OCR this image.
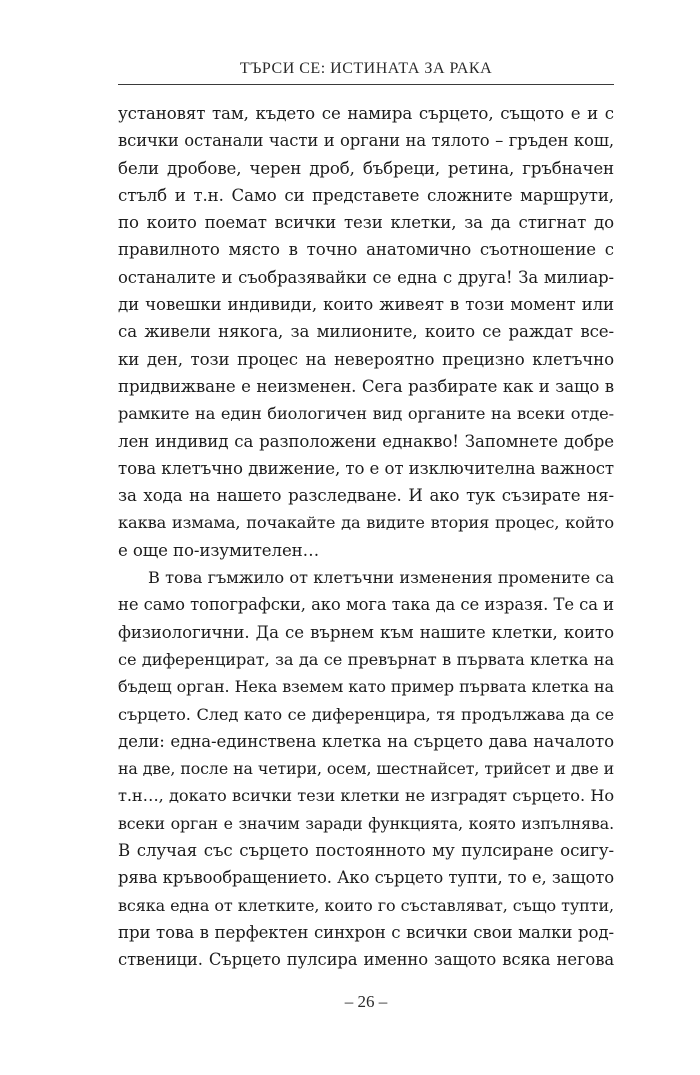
ТЪРСИ СЕ: ИСТИНАТА ЗА РАКА
установят там, където се намира сърцето, същото е и с
всички останали части и органи на тялото – гръден кош,
бели дробове, черен дроб, бъбреци, ретина, гръбначен
стълб и т.н. Само си представете сложните маршрути,
по които поемат всички тези клетки, за да стигнат до
правилното място в точно анатомично съотношение с
останалите и съобразявайки се една с друга! За милиар-
ди човешки индивиди, които живеят в този момент или
са живели някога, за милионите, които се раждат все-
ки ден, този процес на невероятно прецизно клетъчно
придвижване е неизменен. Сега разбирате как и защо в
рамките на един биологичен вид органите на всеки отде-
лен индивид са разположени еднакво! Запомнете добре
това клетъчно движение, то е от изключителна важност
за хода на нашето разследване. И ако тук съзирате ня-
каква измама, почакайте да видите втория процес, който
е още по-изумителен…
В това гъмжило от клетъчни изменения промените са
не само топографски, ако мога така да се изразя. Те са и
физиологични. Да се върнем към нашите клетки, които
се диференцират, за да се превърнат в първата клетка на
бъдещ орган. Нека вземем като пример първата клетка на
сърцето. След като се диференцира, тя продължава да се
дели: една-единствена клетка на сърцето дава началото
на две, после на четири, осем, шестнайсет, трийсет и две и
т.н…, докато всички тези клетки не изградят сърцето. Но
всеки орган е значим заради функцията, която изпълнява.
В случая със сърцето постоянното му пулсиране осигу-
рява кръвообращението. Ако сърцето тупти, то е, защото
всяка една от клетките, които го съставляват, също тупти,
при това в перфектен синхрон с всички свои малки род-
ственици. Сърцето пулсира именно защото всяка негова
– 26 –
